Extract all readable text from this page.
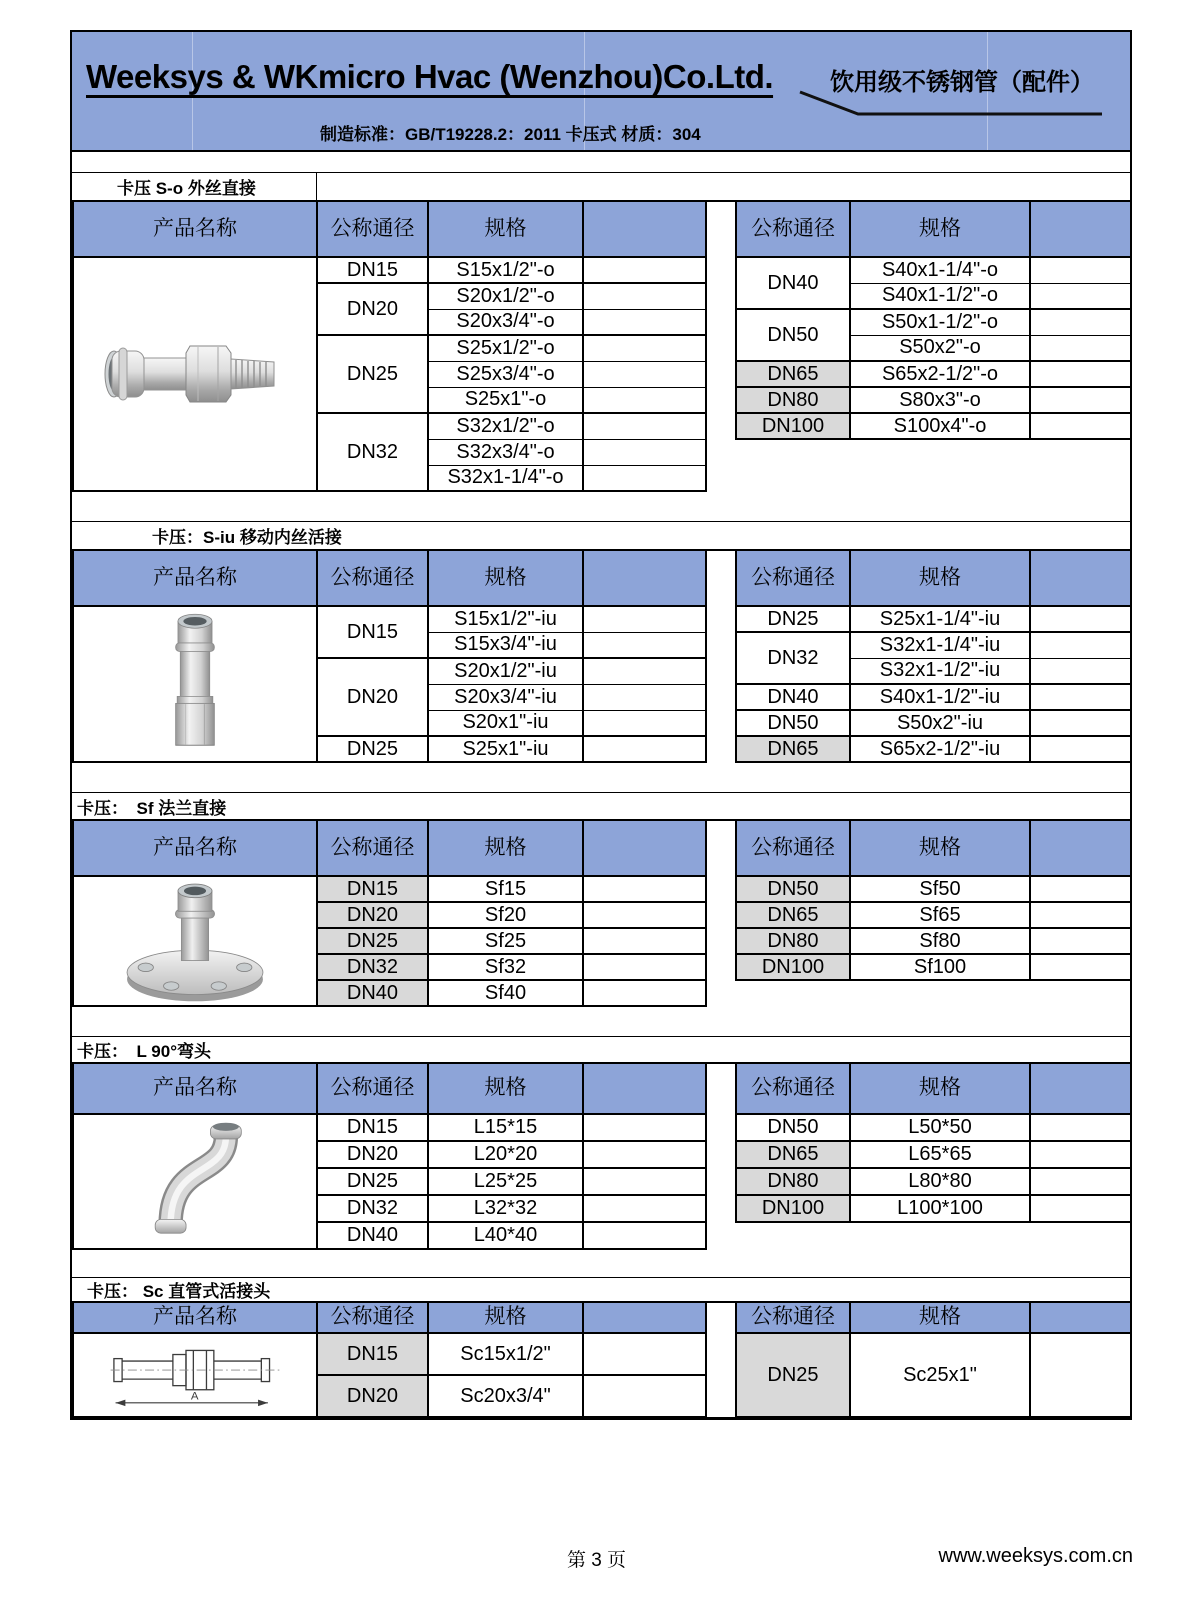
Weeksys & WKmicro Hvac (Wenzhou)Co.Ltd. 饮用级不锈钢管（配件）
制造标准：GB/T19228.2：2011 卡压式 材质：304
卡压 S-o 外丝直接
产品名称	公称通径	规格	

	DN15	S15x1/2"-o	
	DN20	S20x1/2"-o	
		S20x3/4"-o	
	DN25	S25x1/2"-o	
		S25x3/4"-o	
		S25x1"-o	
	DN32	S32x1/2"-o	
		S32x3/4"-o	
		S32x1-1/4"-o	
公称通径	规格	
DN40	S40x1-1/4"-o	
	S40x1-1/2"-o	
DN50	S50x1-1/2"-o	
	S50x2"-o	
DN65	S65x2-1/2"-o	
DN80	S80x3"-o	
DN100	S100x4"-o	
卡压：S-iu 移动内丝活接
产品名称	公称通径	规格	

	DN15	S15x1/2"-iu	
		S15x3/4"-iu	
	DN20	S20x1/2"-iu	
		S20x3/4"-iu	
		S20x1"-iu	
	DN25	S25x1"-iu	
公称通径	规格	
DN25	S25x1-1/4"-iu	
DN32	S32x1-1/4"-iu	
	S32x1-1/2"-iu	
DN40	S40x1-1/2"-iu	
DN50	S50x2"-iu	
DN65	S65x2-1/2"-iu	
卡压：　Sf 法兰直接
产品名称	公称通径	规格	

	DN15	Sf15	
	DN20	Sf20	
	DN25	Sf25	
	DN32	Sf32	
	DN40	Sf40	
公称通径	规格	
DN50	Sf50	
DN65	Sf65	
DN80	Sf80	
DN100	Sf100	
卡压：　L 90°弯头
产品名称	公称通径	规格	

	DN15	L15*15	
	DN20	L20*20	
	DN25	L25*25	
	DN32	L32*32	
	DN40	L40*40	
公称通径	规格	
DN50	L50*50	
DN65	L65*65	
DN80	L80*80	
DN100	L100*100	
卡压： Sc 直管式活接头
产品名称	公称通径	规格	

A	DN15	Sc15x1/2"	
	DN20	Sc20x3/4"	
公称通径	规格	
DN25	Sc25x1"	
第 3 页	www.weeksys.com.cn
